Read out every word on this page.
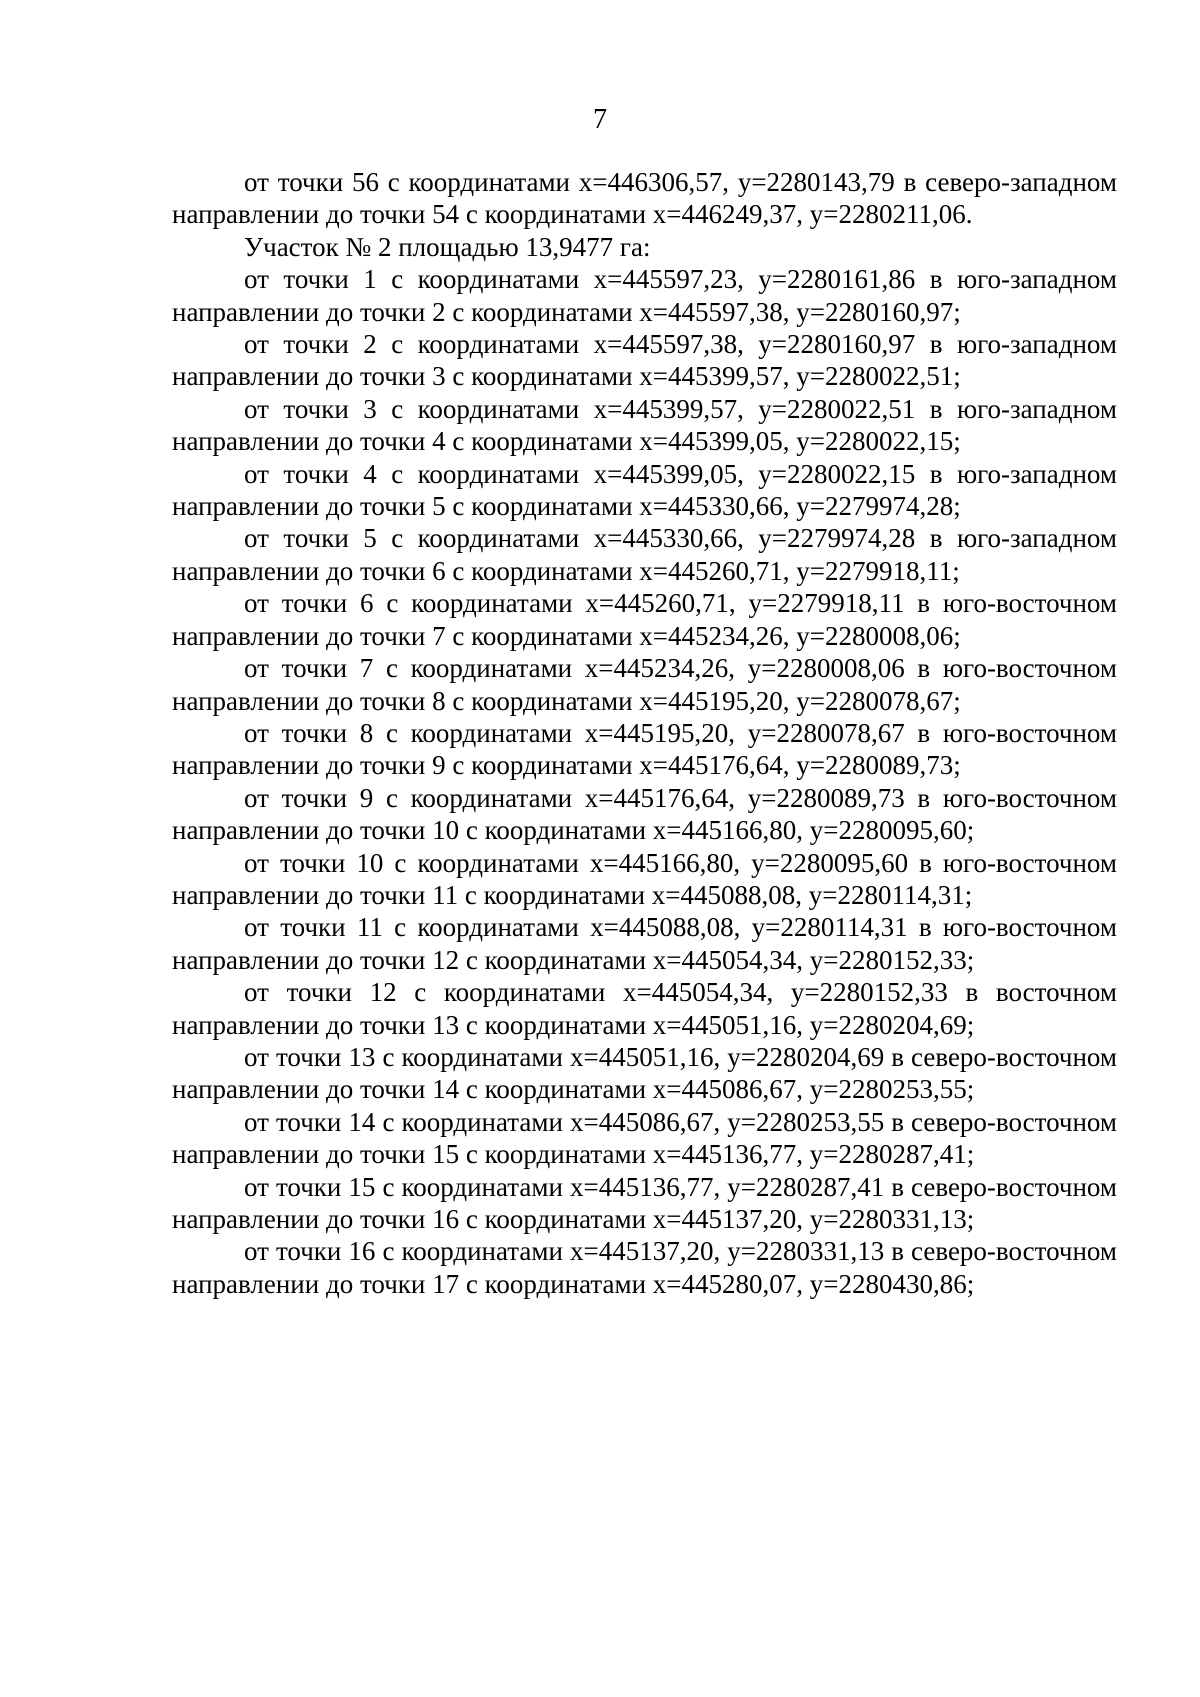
7

от точки 56 с координатами x=446306,57, y=2280143,79 в северо-западном направлении до точки 54 с координатами x=446249,37, y=2280211,06.

Участок № 2 площадью 13,9477 га:

от точки 1 с координатами x=445597,23, y=2280161,86 в юго-западном направлении до точки 2 с координатами x=445597,38, y=2280160,97;

от точки 2 с координатами x=445597,38, y=2280160,97 в юго-западном направлении до точки 3 с координатами x=445399,57, y=2280022,51;

от точки 3 с координатами x=445399,57, y=2280022,51 в юго-западном направлении до точки 4 с координатами x=445399,05, y=2280022,15;

от точки 4 с координатами x=445399,05, y=2280022,15 в юго-западном направлении до точки 5 с координатами x=445330,66, y=2279974,28;

от точки 5 с координатами x=445330,66, y=2279974,28 в юго-западном направлении до точки 6 с координатами x=445260,71, y=2279918,11;

от точки 6 с координатами x=445260,71, y=2279918,11 в юго-восточном направлении до точки 7 с координатами x=445234,26, y=2280008,06;

от точки 7 с координатами x=445234,26, y=2280008,06 в юго-восточном направлении до точки 8 с координатами x=445195,20, y=2280078,67;

от точки 8 с координатами x=445195,20, y=2280078,67 в юго-восточном направлении до точки 9 с координатами x=445176,64, y=2280089,73;

от точки 9 с координатами x=445176,64, y=2280089,73 в юго-восточном направлении до точки 10 с координатами x=445166,80, y=2280095,60;

от точки 10 с координатами x=445166,80, y=2280095,60 в юго-восточном направлении до точки 11 с координатами x=445088,08, y=2280114,31;

от точки 11 с координатами x=445088,08, y=2280114,31 в юго-восточном направлении до точки 12 с координатами x=445054,34, y=2280152,33;

от точки 12 с координатами x=445054,34, y=2280152,33 в восточном направлении до точки 13 с координатами x=445051,16, y=2280204,69;

от точки 13 с координатами x=445051,16, y=2280204,69 в северо-восточном направлении до точки 14 с координатами x=445086,67, y=2280253,55;

от точки 14 с координатами x=445086,67, y=2280253,55 в северо-восточном направлении до точки 15 с координатами x=445136,77, y=2280287,41;

от точки 15 с координатами x=445136,77, y=2280287,41 в северо-восточном направлении до точки 16 с координатами x=445137,20, y=2280331,13;

от точки 16 с координатами x=445137,20, y=2280331,13 в северо-восточном направлении до точки 17 с координатами x=445280,07, y=2280430,86;
